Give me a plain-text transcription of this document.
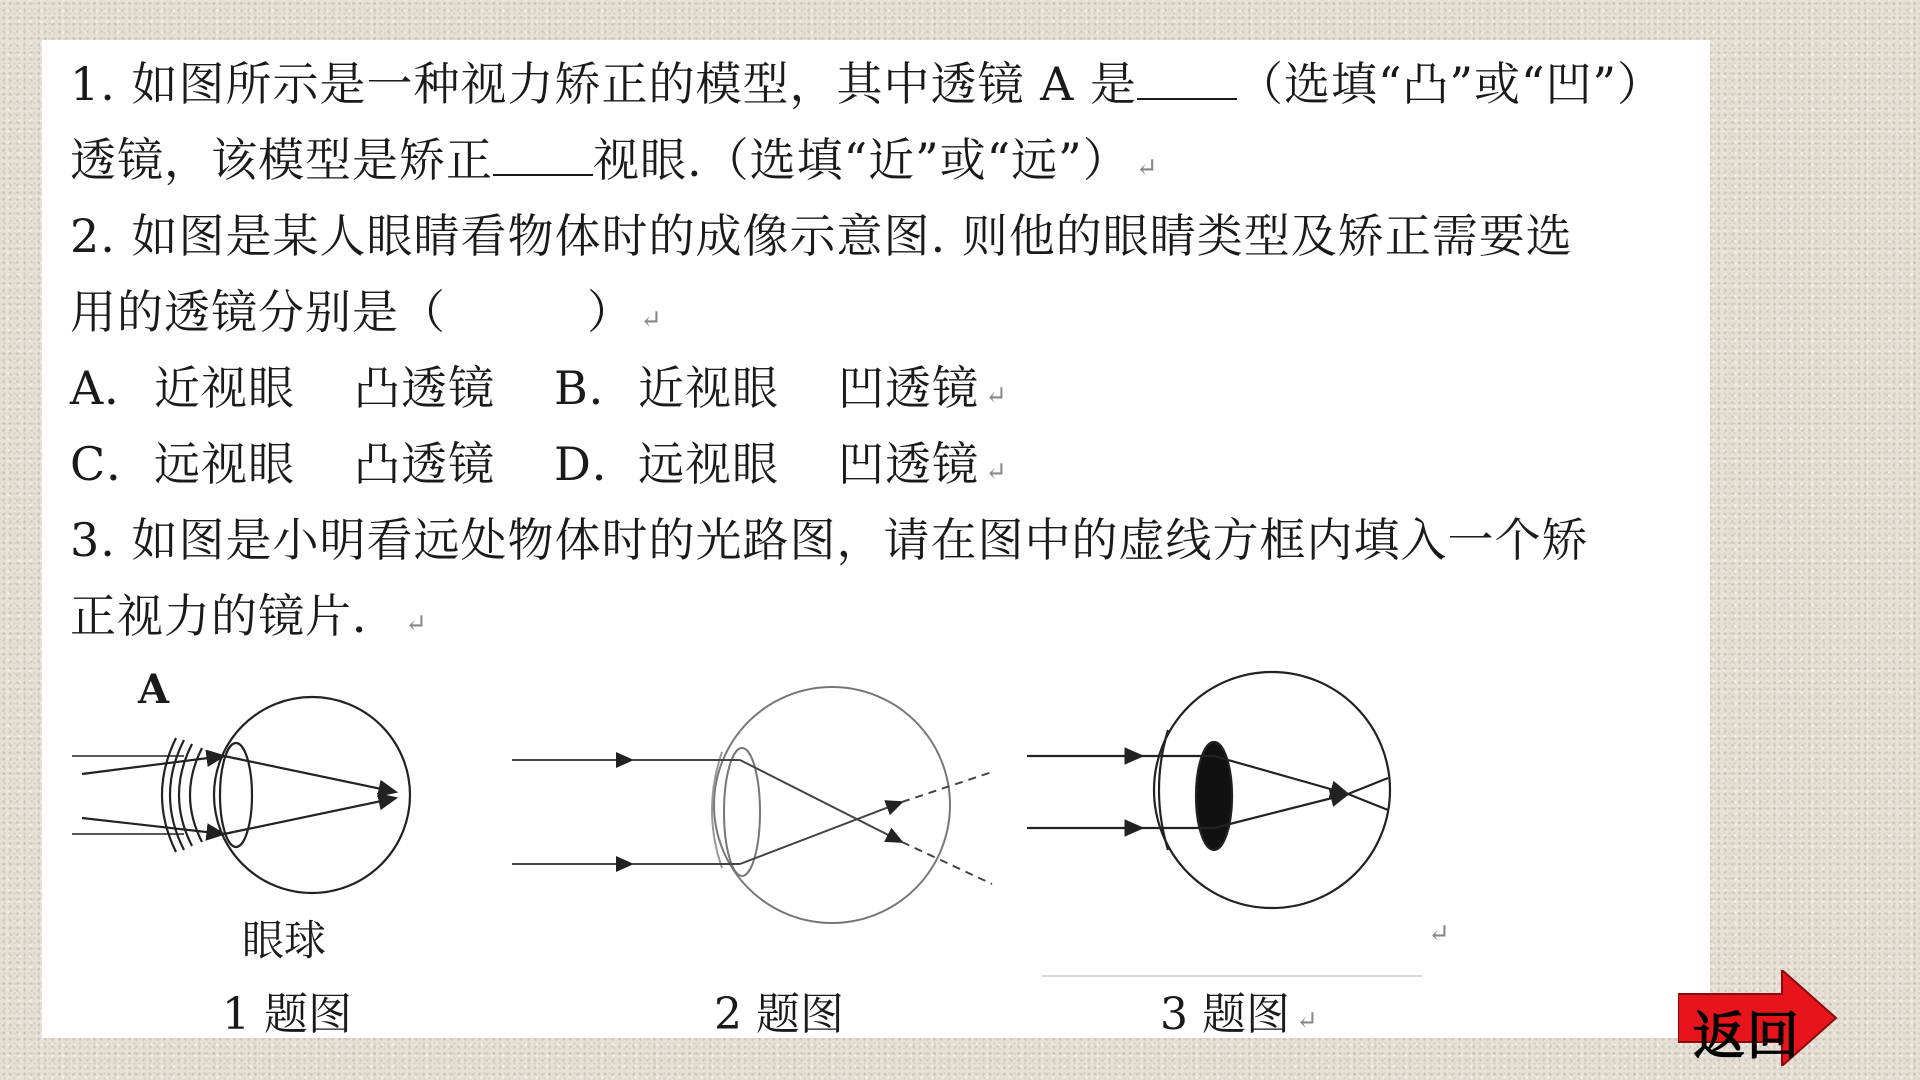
1. 如图所示是一种视力矫正的模型，其中透镜 A 是 （选填“凸”或“凹”）
透镜，该模型是矫正 视眼.（选填“近”或“远”） ↵
2. 如图是某人眼睛看物体时的成像示意图. 则他的眼睛类型及矫正需要选
用的透镜分别是（　　　） ↵
A．近视眼 凸透镜 B．近视眼 凹透镜 ↵
C．远视眼 凸透镜 D．远视眼 凹透镜 ↵
3. 如图是小明看远处物体时的光路图，请在图中的虚线方框内填入一个矫
正视力的镜片． ↵
A
眼球
1 题图	2 题图	3 题图 ↵
↵
返回
